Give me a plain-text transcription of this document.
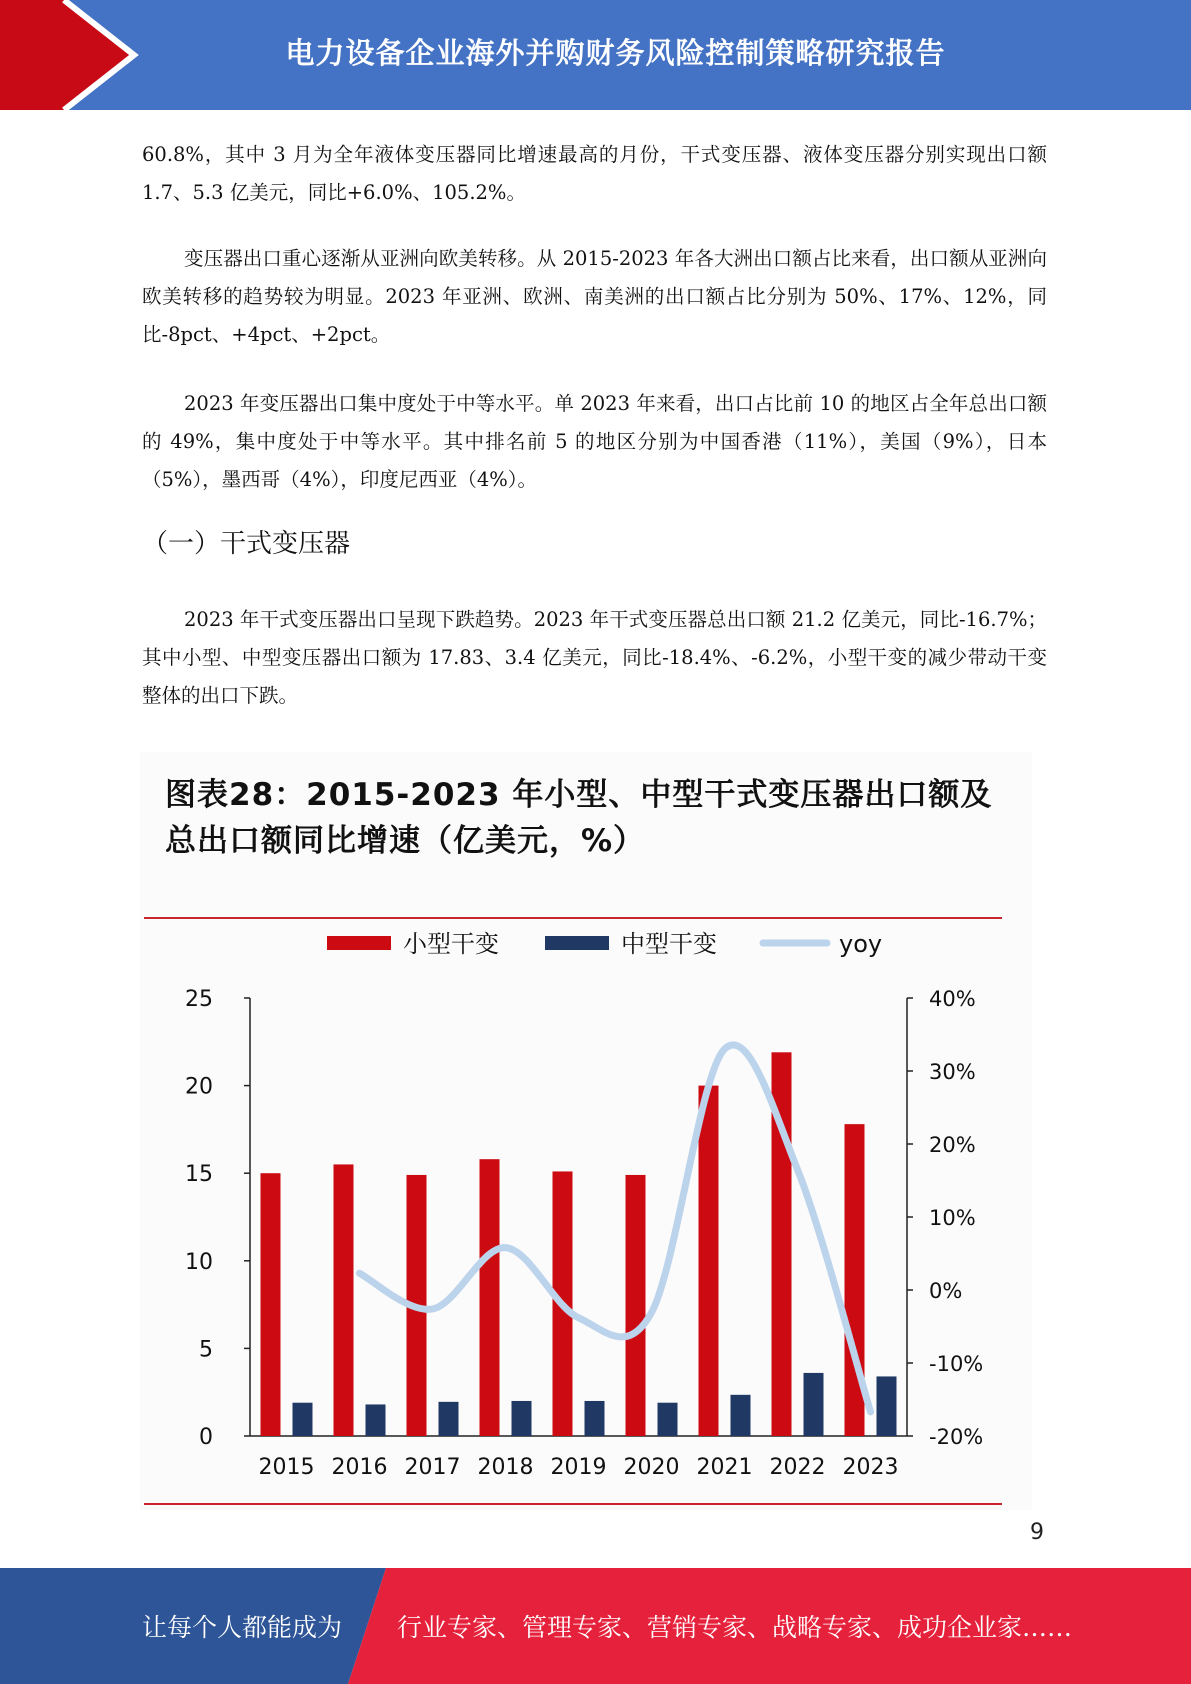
电力设备企业海外并购财务风险控制策略研究报告
60.8%，其中 3 月为全年液体变压器同比增速最高的月份，干式变压器、液体变压器分别实现出口额 1.7、5.3 亿美元，同比+6.0%、105.2%。
变压器出口重心逐渐从亚洲向欧美转移。从 2015-2023 年各大洲出口额占比来看，出口额从亚洲向欧美转移的趋势较为明显。2023 年亚洲、欧洲、南美洲的出口额占比分别为 50%、17%、12%，同比-8pct、+4pct、+2pct。
2023 年变压器出口集中度处于中等水平。单 2023 年来看，出口占比前 10 的地区占全年总出口额的 49%，集中度处于中等水平。其中排名前 5 的地区分别为中国香港（11%），美国（9%），日本（5%），墨西哥（4%），印度尼西亚（4%）。
（一）干式变压器
2023 年干式变压器出口呈现下跌趋势。2023 年干式变压器总出口额 21.2 亿美元，同比-16.7%；其中小型、中型变压器出口额为 17.83、3.4 亿美元，同比-18.4%、-6.2%，小型干变的减少带动干变整体的出口下跌。
图表28：2015-2023 年小型、中型干式变压器出口额及
总出口额同比增速（亿美元，%）
0
5
10
15
20
25
-20%
-10%
0%
10%
20%
30%
40%
2015 2016 2017 2018 2019 2020 2021 2022 2023
小型干变	中型干变	yoy
9
让每个人都能成为 行业专家、管理专家、营销专家、战略专家、成功企业家……
